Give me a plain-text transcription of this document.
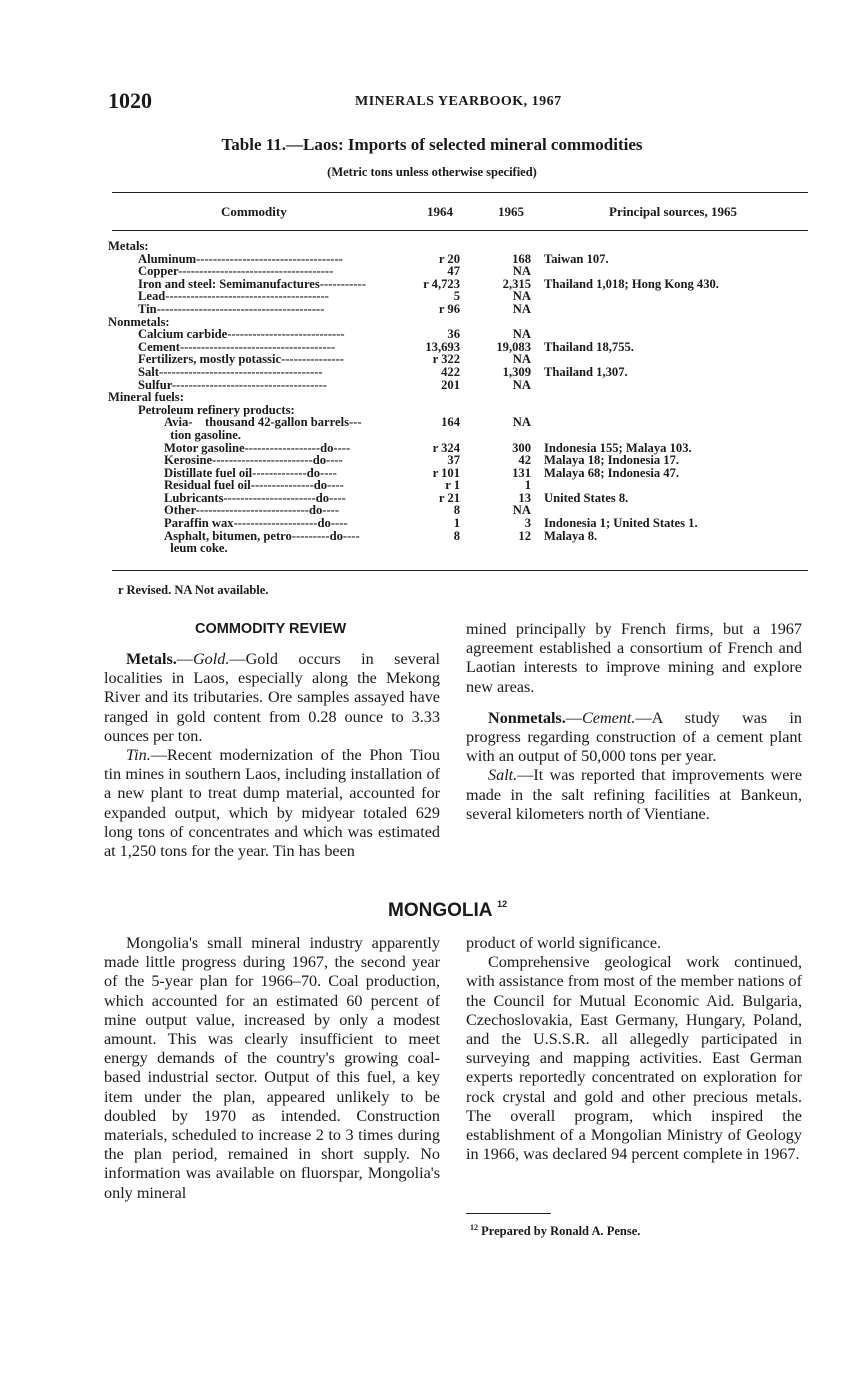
1020	MINERALS YEARBOOK, 1967
Table 11.—Laos: Imports of selected mineral commodities
(Metric tons unless otherwise specified)
Commodity	1964	1965	Principal sources, 1965
Metals:			

Aluminum-----------------------------------	r 20	168	Taiwan 107.

Copper-------------------------------------	47	NA	

Iron and steel: Semimanufactures-----------	r 4,723	2,315	Thailand 1,018; Hong Kong 430.

Lead---------------------------------------	5	NA	

Tin----------------------------------------	r 96	NA	

Nonmetals:			

Calcium carbide----------------------------	36	NA	

Cement-------------------------------------	13,693	19,083	Thailand 18,755.

Fertilizers, mostly potassic---------------	r 322	NA	

Salt---------------------------------------	422	1,309	Thailand 1,307.

Sulfur-------------------------------------	201	NA	

Mineral fuels:			

Petroleum refinery products:			

Avia-    thousand 42-gallon barrels---	164	NA	

tion gasoline.			

Motor gasoline------------------do----	r 324	300	Indonesia 155; Malaya 103.

Kerosine------------------------do----	37	42	Malaya 18; Indonesia 17.

Distillate fuel oil-------------do----	r 101	131	Malaya 68; Indonesia 47.

Residual fuel oil---------------do----	r 1	1	

Lubricants----------------------do----	r 21	13	United States 8.

Other---------------------------do----	8	NA	

Paraffin wax--------------------do----	1	3	Indonesia 1; United States 1.

Asphalt, bitumen, petro---------do----	8	12	Malaya 8.

leum coke.			

r Revised. NA Not available.
COMMODITY REVIEW

Metals.—Gold.—Gold occurs in several localities in Laos, especially along the Mekong River and its tributaries. Ore samples assayed have ranged in gold content from 0.28 ounce to 3.33 ounces per ton.

Tin.—Recent modernization of the Phon Tiou tin mines in southern Laos, including installation of a new plant to treat dump material, accounted for expanded output, which by midyear totaled 629 long tons of concentrates and which was estimated at 1,250 tons for the year. Tin has been

mined principally by French firms, but a 1967 agreement established a consortium of French and Laotian interests to improve mining and explore new areas.

Nonmetals.—Cement.—A study was in progress regarding construction of a cement plant with an output of 50,000 tons per year.

Salt.—It was reported that improvements were made in the salt refining facilities at Bankeun, several kilometers north of Vientiane.

MONGOLIA $^{12}$

Mongolia's small mineral industry apparently made little progress during 1967, the second year of the 5-year plan for 1966–70. Coal production, which accounted for an estimated 60 percent of mine output value, increased by only a modest amount. This was clearly insufficient to meet energy demands of the country's growing coal-based industrial sector. Output of this fuel, a key item under the plan, appeared unlikely to be doubled by 1970 as intended. Construction materials, scheduled to increase 2 to 3 times during the plan period, remained in short supply. No information was available on fluorspar, Mongolia's only mineral

product of world significance.

Comprehensive geological work continued, with assistance from most of the member nations of the Council for Mutual Economic Aid. Bulgaria, Czechoslovakia, East Germany, Hungary, Poland, and the U.S.S.R. all allegedly participated in surveying and mapping activities. East German experts reportedly concentrated on exploration for rock crystal and gold and other precious metals. The overall program, which inspired the establishment of a Mongolian Ministry of Geology in 1966, was declared 94 percent complete in 1967.

$^{12}$ Prepared by Ronald A. Pense.
